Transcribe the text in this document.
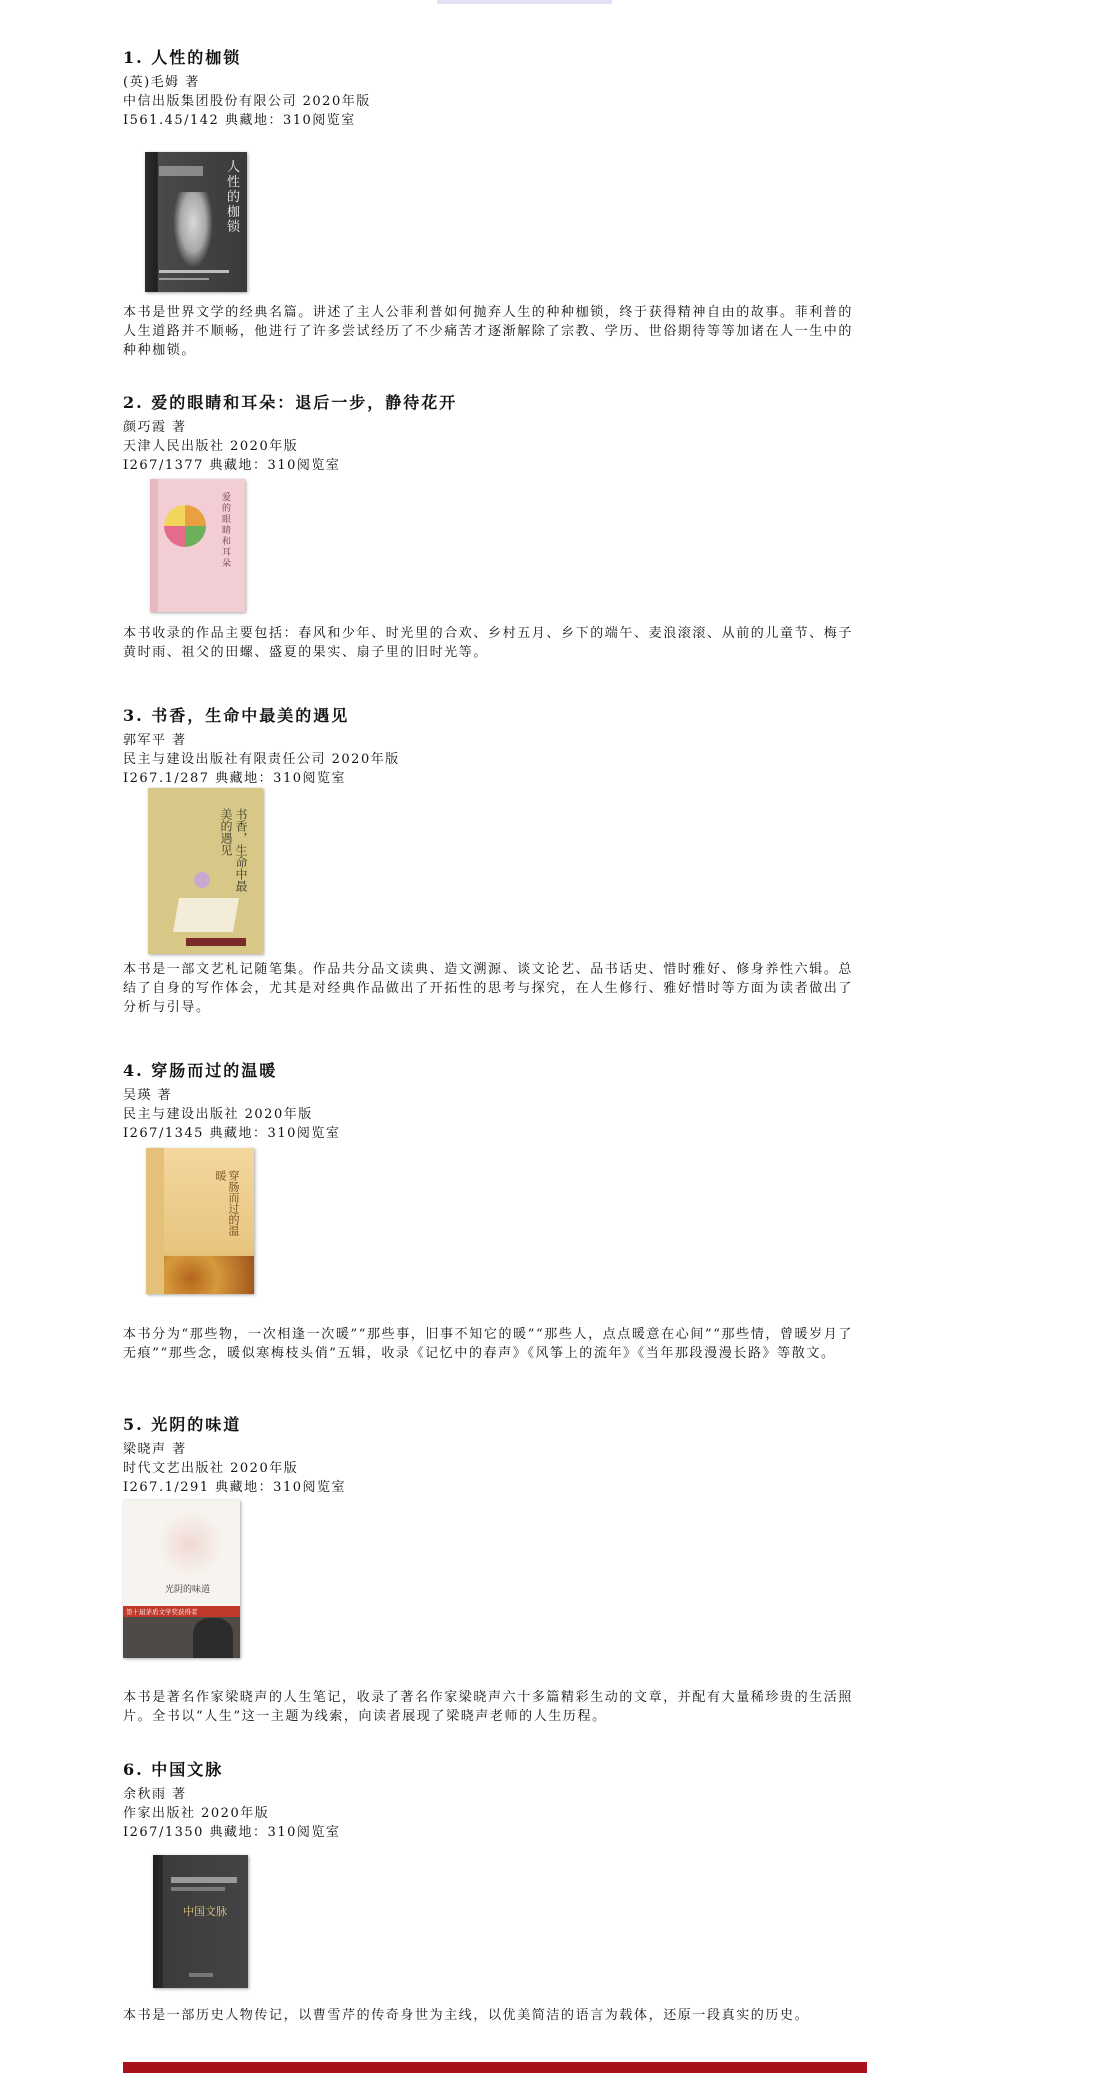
1. 人性的枷锁
(英)毛姆 著
中信出版集团股份有限公司 2020年版
I561.45/142 典藏地：310阅览室
人性的枷锁

本书是世界文学的经典名篇。讲述了主人公菲利普如何抛弃人生的种种枷锁，终于获得精神自由的故事。菲利普的人生道路并不顺畅，他进行了许多尝试经历了不少痛苦才逐渐解除了宗教、学历、世俗期待等等加诸在人一生中的种种枷锁。

2. 爱的眼睛和耳朵：退后一步，静待花开
颜巧霞 著
天津人民出版社 2020年版
I267/1377 典藏地：310阅览室
爱的眼睛和耳朵

本书收录的作品主要包括：春风和少年、时光里的合欢、乡村五月、乡下的端午、麦浪滚滚、从前的儿童节、梅子黄时雨、祖父的田螺、盛夏的果实、扇子里的旧时光等。

3. 书香，生命中最美的遇见
郭军平 著
民主与建设出版社有限责任公司 2020年版
I267.1/287 典藏地：310阅览室
书香，生命中最美的遇见

本书是一部文艺札记随笔集。作品共分品文读典、造文溯源、谈文论艺、品书话史、惜时雅好、修身养性六辑。总结了自身的写作体会，尤其是对经典作品做出了开拓性的思考与探究，在人生修行、雅好惜时等方面为读者做出了分析与引导。

4. 穿肠而过的温暖
吴瑛 著
民主与建设出版社 2020年版
I267/1345 典藏地：310阅览室
穿肠而过的温暖

本书分为“那些物，一次相逢一次暖”“那些事，旧事不知它的暖”“那些人，点点暖意在心间”“那些情，曾暖岁月了无痕”“那些念，暖似寒梅枝头俏”五辑，收录《记忆中的春声》《风筝上的流年》《当年那段漫漫长路》等散文。

5. 光阴的味道
梁晓声 著
时代文艺出版社 2020年版
I267.1/291 典藏地：310阅览室
光阴的味道
第十届茅盾文学奖获得者

本书是著名作家梁晓声的人生笔记，收录了著名作家梁晓声六十多篇精彩生动的文章，并配有大量稀珍贵的生活照片。全书以“人生”这一主题为线索，向读者展现了梁晓声老师的人生历程。

6. 中国文脉
余秋雨 著
作家出版社 2020年版
I267/1350 典藏地：310阅览室
中国文脉

本书是一部历史人物传记，以曹雪芹的传奇身世为主线，以优美简洁的语言为载体，还原一段真实的历史。
